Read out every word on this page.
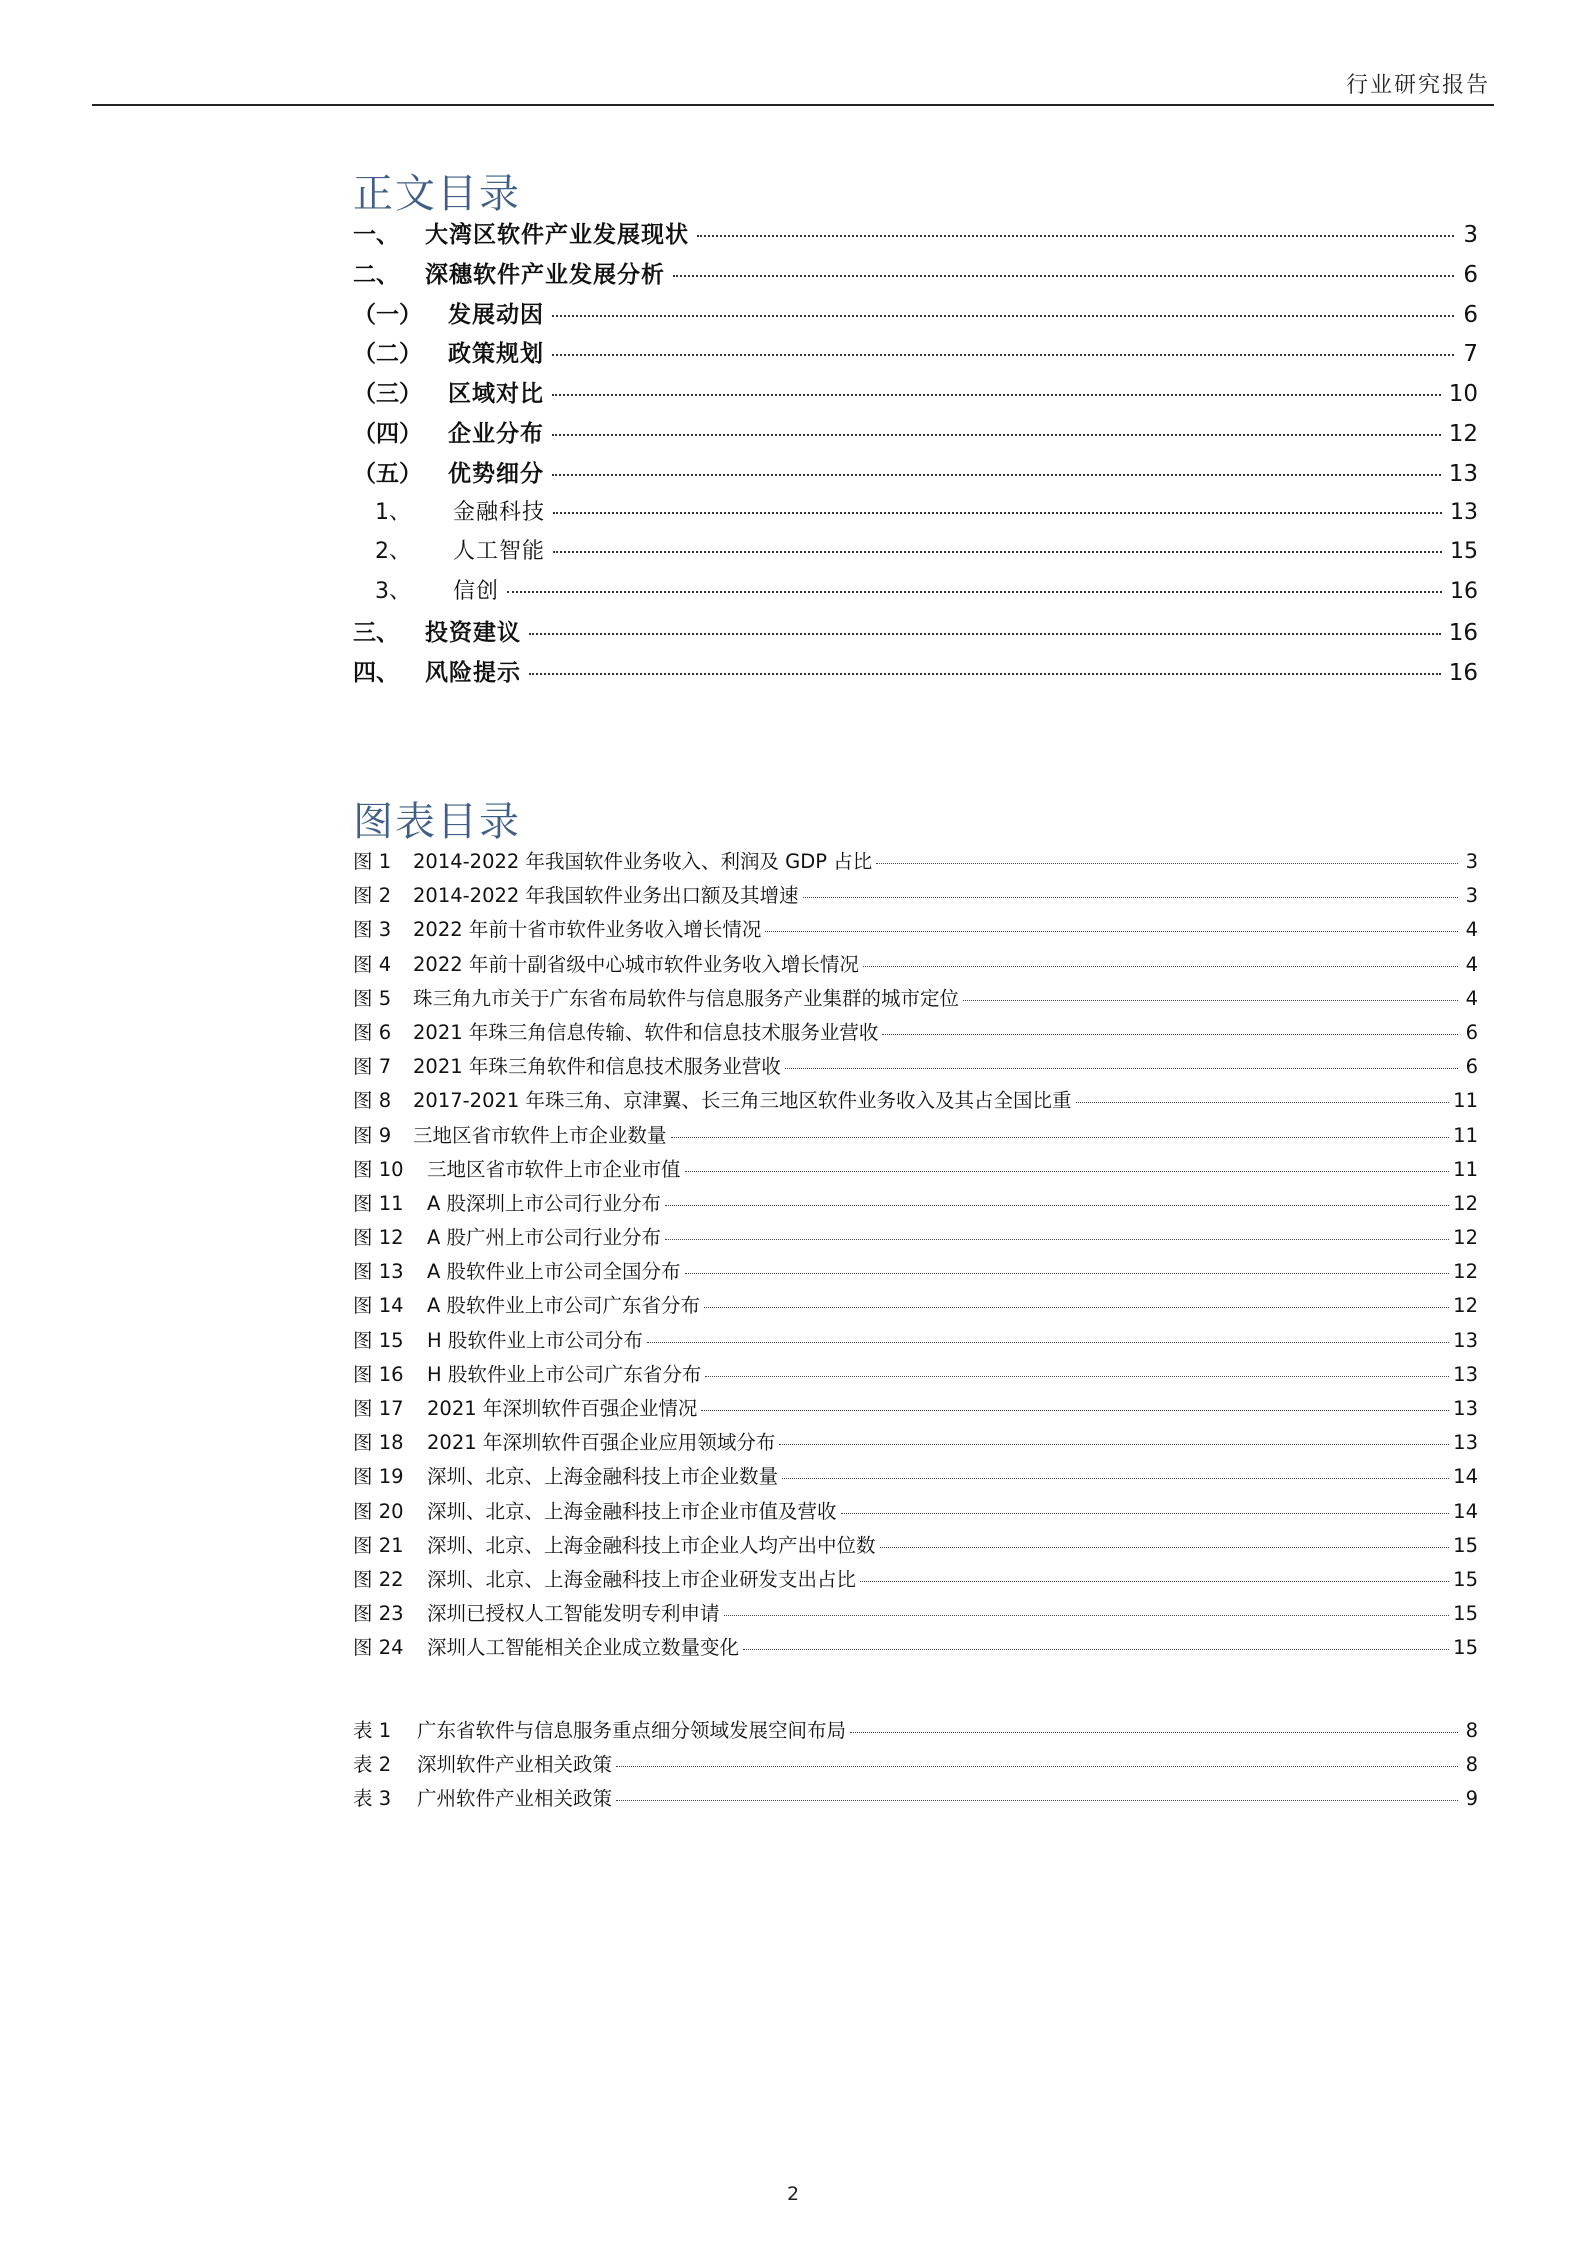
行业研究报告
正文目录
一、	大湾区软件产业发展现状	3
二、	深穗软件产业发展分析	6
（一）	发展动因	6
（二）	政策规划	7
（三）	区域对比	10
（四）	企业分布	12
（五）	优势细分	13
1、	金融科技	13
2、	人工智能	15
3、	信创	16
三、	投资建议	16
四、	风险提示	16
图表目录
图 1	2014-2022 年我国软件业务收入、利润及 GDP 占比	3
图 2	2014-2022 年我国软件业务出口额及其增速	3
图 3	2022 年前十省市软件业务收入增长情况	4
图 4	2022 年前十副省级中心城市软件业务收入增长情况	4
图 5	珠三角九市关于广东省布局软件与信息服务产业集群的城市定位	4
图 6	2021 年珠三角信息传输、软件和信息技术服务业营收	6
图 7	2021 年珠三角软件和信息技术服务业营收	6
图 8	2017-2021 年珠三角、京津翼、长三角三地区软件业务收入及其占全国比重	11
图 9	三地区省市软件上市企业数量	11
图 10	三地区省市软件上市企业市值	11
图 11	A 股深圳上市公司行业分布	12
图 12	A 股广州上市公司行业分布	12
图 13	A 股软件业上市公司全国分布	12
图 14	A 股软件业上市公司广东省分布	12
图 15	H 股软件业上市公司分布	13
图 16	H 股软件业上市公司广东省分布	13
图 17	2021 年深圳软件百强企业情况	13
图 18	2021 年深圳软件百强企业应用领域分布	13
图 19	深圳、北京、上海金融科技上市企业数量	14
图 20	深圳、北京、上海金融科技上市企业市值及营收	14
图 21	深圳、北京、上海金融科技上市企业人均产出中位数	15
图 22	深圳、北京、上海金融科技上市企业研发支出占比	15
图 23	深圳已授权人工智能发明专利申请	15
图 24	深圳人工智能相关企业成立数量变化	15
表 1	广东省软件与信息服务重点细分领域发展空间布局	8
表 2	深圳软件产业相关政策	8
表 3	广州软件产业相关政策	9
2
